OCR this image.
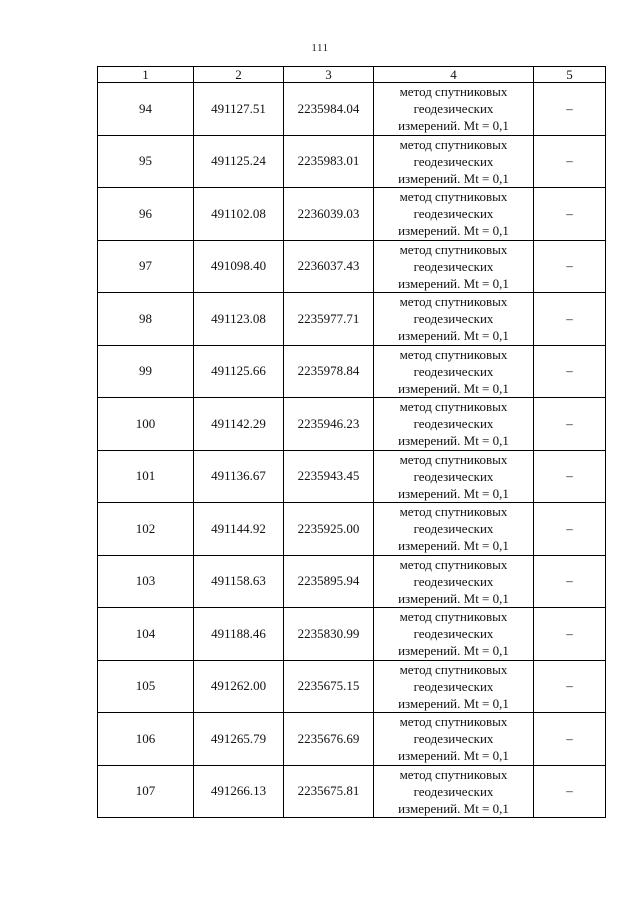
111
1	2	3	4	5
94	491127.51	2235984.04	метод спутниковых
геодезических
измерений. Mt = 0,1	–
95	491125.24	2235983.01	метод спутниковых
геодезических
измерений. Mt = 0,1	–
96	491102.08	2236039.03	метод спутниковых
геодезических
измерений. Mt = 0,1	–
97	491098.40	2236037.43	метод спутниковых
геодезических
измерений. Mt = 0,1	–
98	491123.08	2235977.71	метод спутниковых
геодезических
измерений. Mt = 0,1	–
99	491125.66	2235978.84	метод спутниковых
геодезических
измерений. Mt = 0,1	–
100	491142.29	2235946.23	метод спутниковых
геодезических
измерений. Mt = 0,1	–
101	491136.67	2235943.45	метод спутниковых
геодезических
измерений. Mt = 0,1	–
102	491144.92	2235925.00	метод спутниковых
геодезических
измерений. Mt = 0,1	–
103	491158.63	2235895.94	метод спутниковых
геодезических
измерений. Mt = 0,1	–
104	491188.46	2235830.99	метод спутниковых
геодезических
измерений. Mt = 0,1	–
105	491262.00	2235675.15	метод спутниковых
геодезических
измерений. Mt = 0,1	–
106	491265.79	2235676.69	метод спутниковых
геодезических
измерений. Mt = 0,1	–
107	491266.13	2235675.81	метод спутниковых
геодезических
измерений. Mt = 0,1	–
